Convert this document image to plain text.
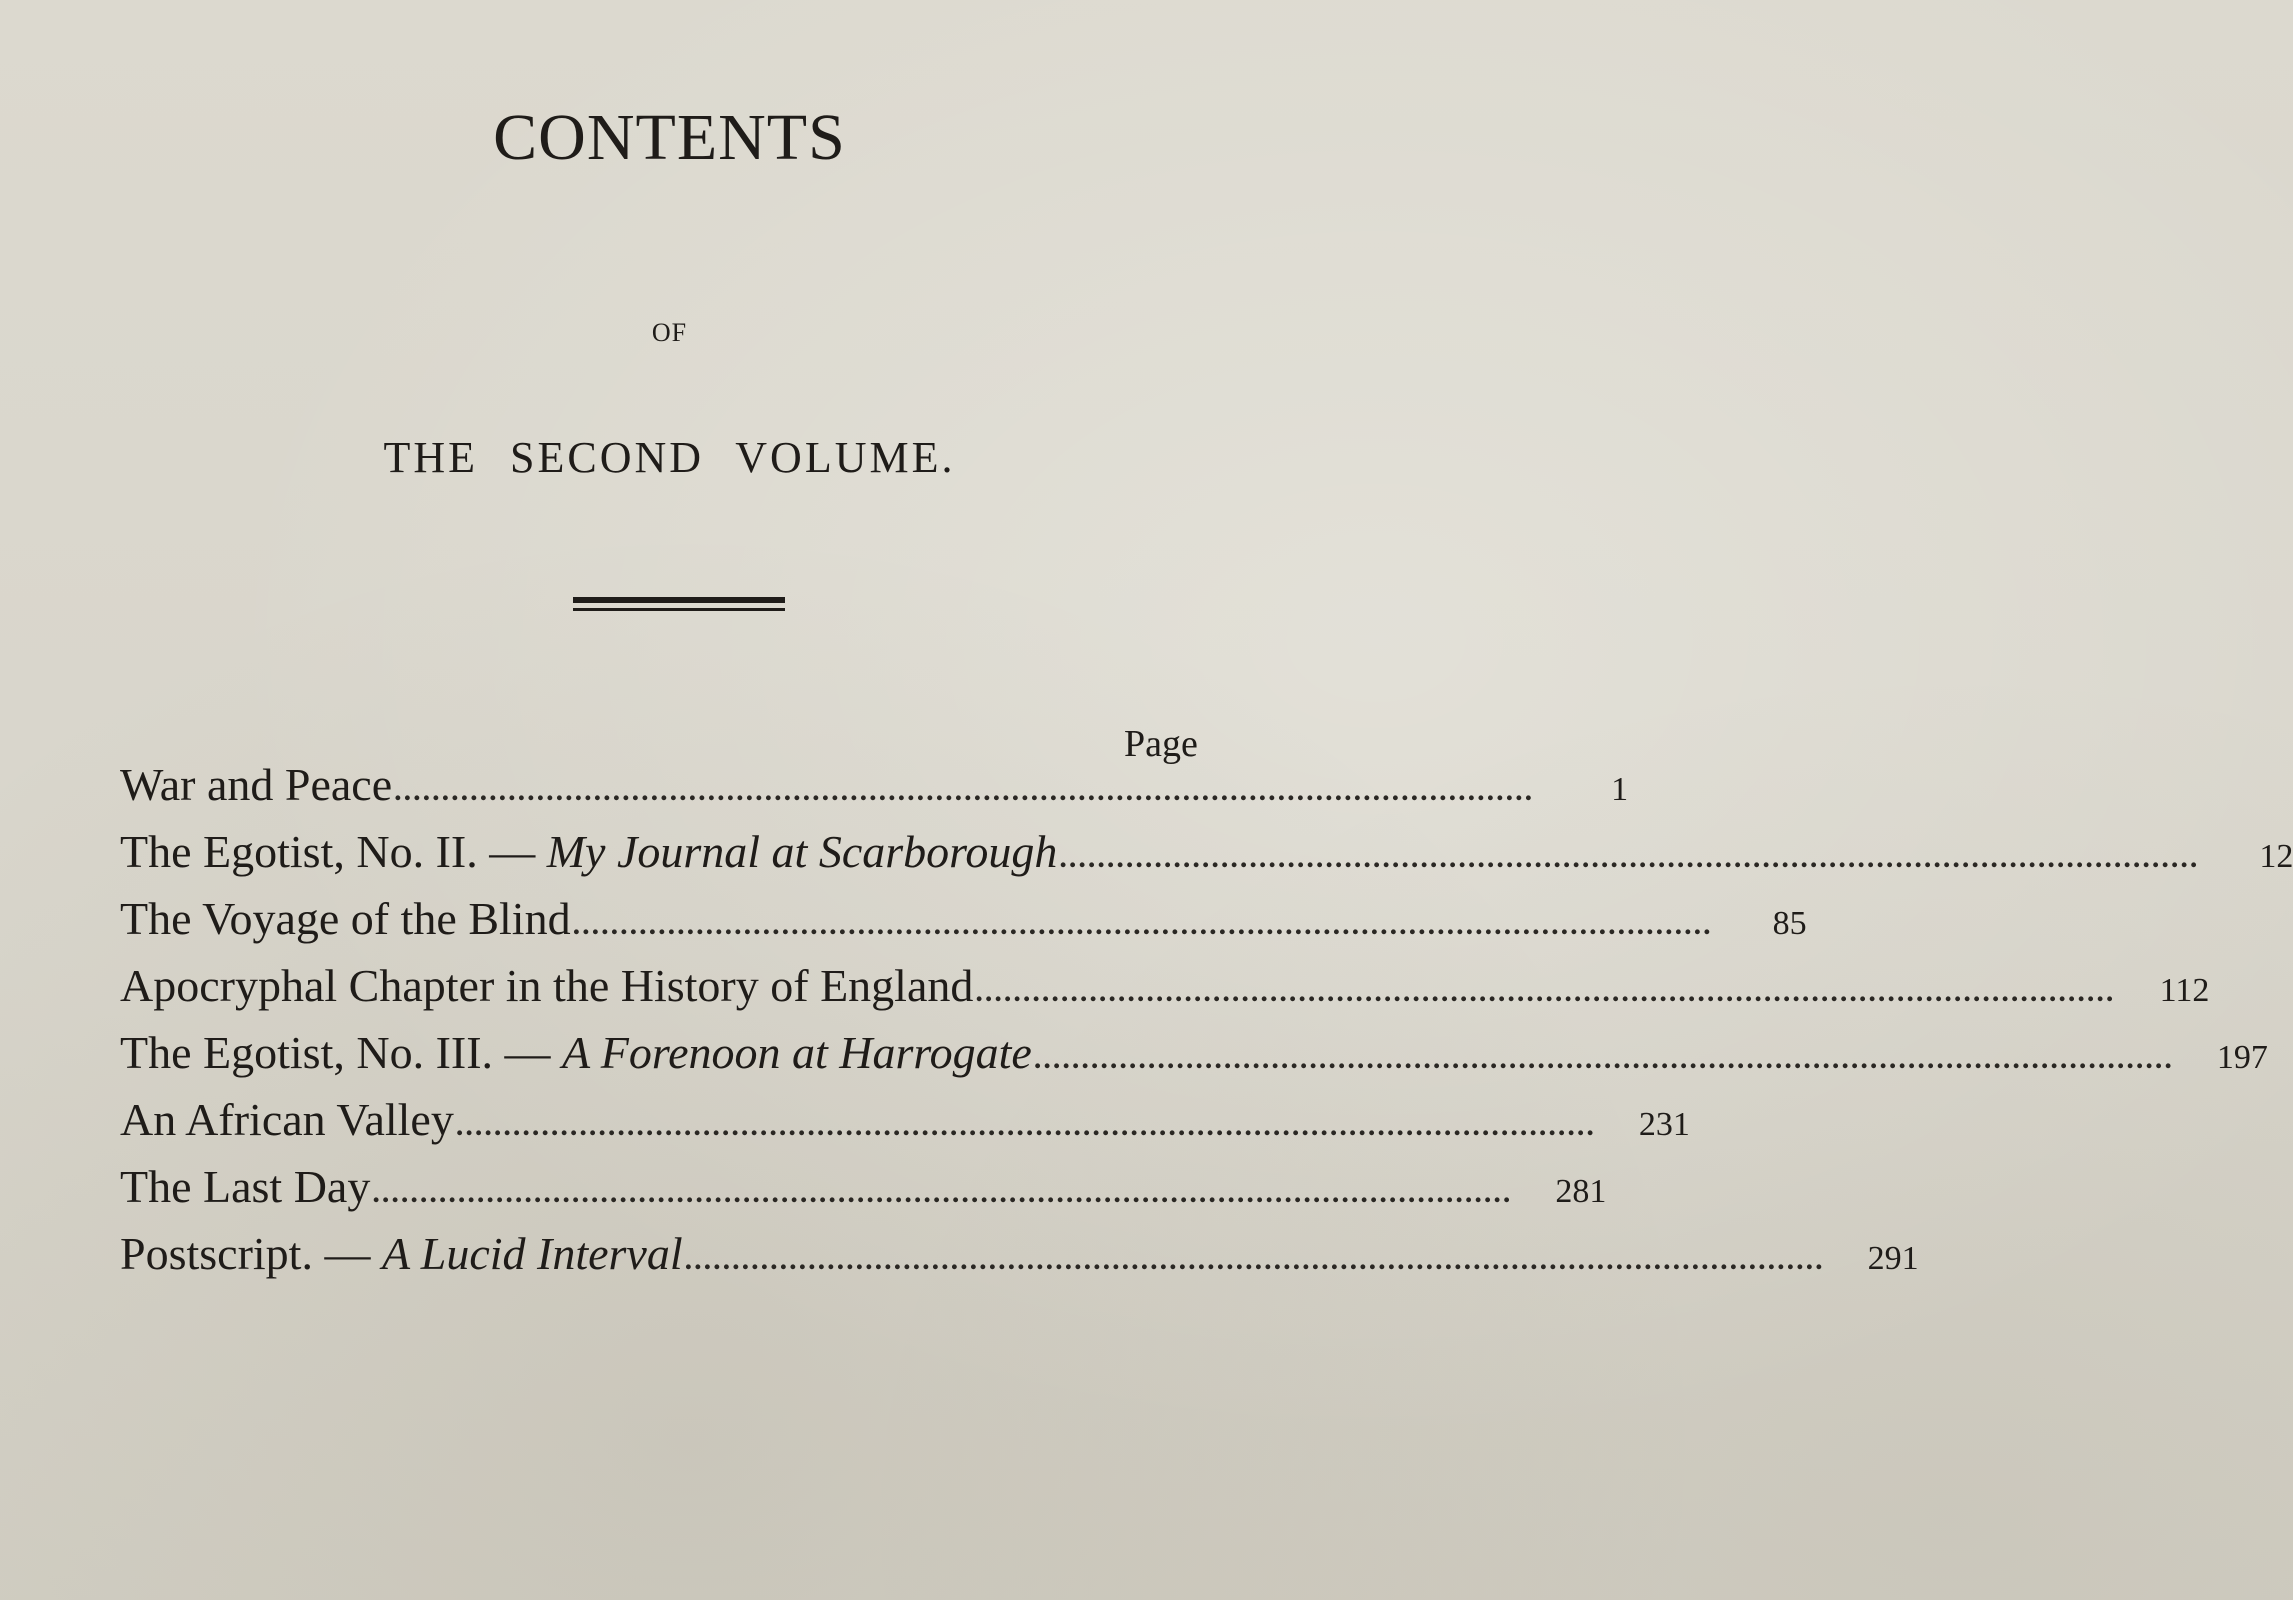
CONTENTS
OF
THE SECOND VOLUME.
Page
War and Peace ........................................................................................................................	1
The Egotist, No. II. — My Journal at Scarborough ........................................................................................................................	12
The Voyage of the Blind ........................................................................................................................	85
Apocryphal Chapter in the History of England ........................................................................................................................	112
The Egotist, No. III. — A Forenoon at Harrogate ........................................................................................................................	197
An African Valley ........................................................................................................................	231
The Last Day ........................................................................................................................	281
Postscript. — A Lucid Interval ........................................................................................................................	291
